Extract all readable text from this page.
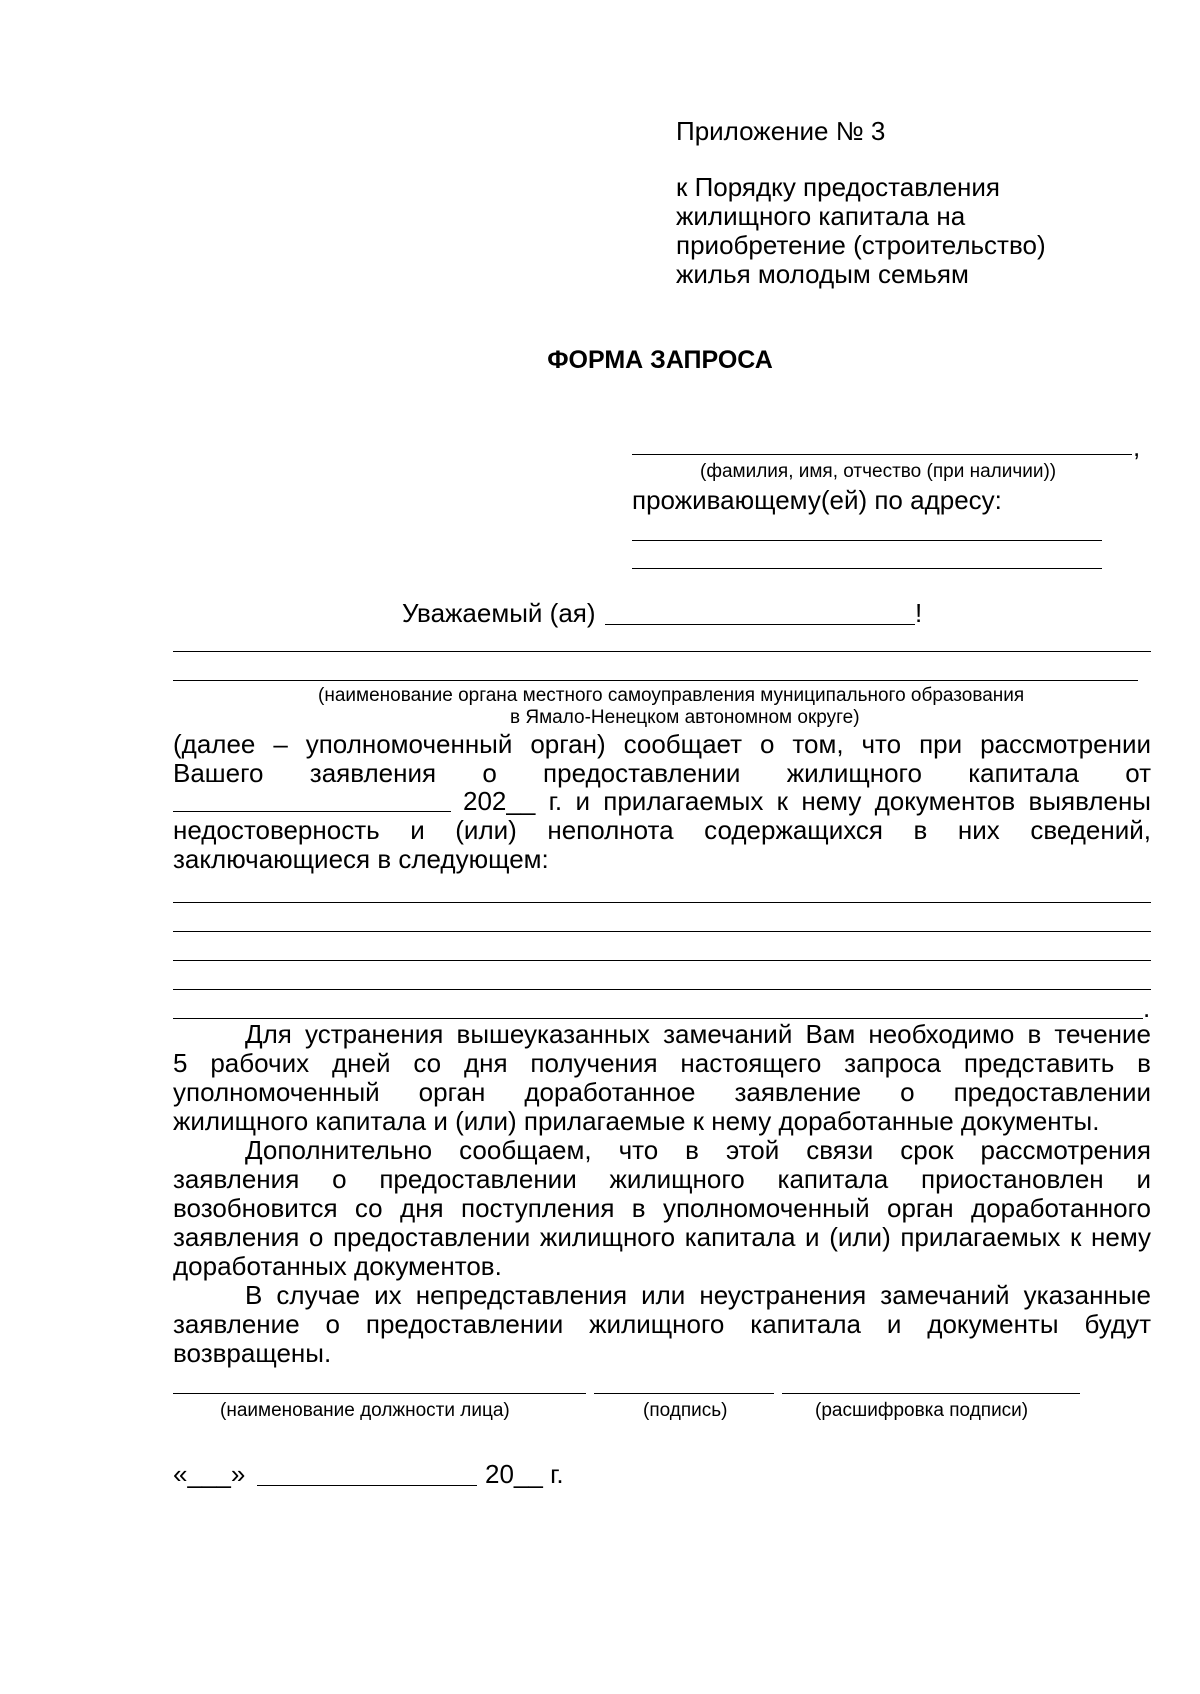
Приложение № 3

к Порядку предоставления

жилищного капитала на

приобретение (строительство)

жилья молодым семьям

ФОРМА ЗАПРОСА

,

(фамилия, имя, отчество (при наличии))

проживающему(ей) по адресу:

Уважаемый (ая)	!

(наименование органа местного самоуправления муниципального образования

в Ямало-Ненецком автономном округе)

(далее – уполномоченный орган) сообщает о том, что при рассмотрении

Вашего заявления о предоставлении жилищного капитала от

202__ г. и прилагаемых к нему документов выявлены

недостоверность и (или) неполнота содержащихся в них сведений,

заключающиеся в следующем:

.

Для устранения вышеуказанных замечаний Вам необходимо в течение

5 рабочих дней со дня получения настоящего запроса представить в

уполномоченный орган доработанное заявление о предоставлении

жилищного капитала и (или) прилагаемые к нему доработанные документы.

Дополнительно сообщаем, что в этой связи срок рассмотрения

заявления о предоставлении жилищного капитала приостановлен и

возобновится со дня поступления в уполномоченный орган доработанного

заявления о предоставлении жилищного капитала и (или) прилагаемых к нему

доработанных документов.

В случае их непредставления или неустранения замечаний указанные

заявление о предоставлении жилищного капитала и документы будут

возвращены.

(наименование должности лица)	(подпись)	(расшифровка подписи)

«___»	20__ г.
